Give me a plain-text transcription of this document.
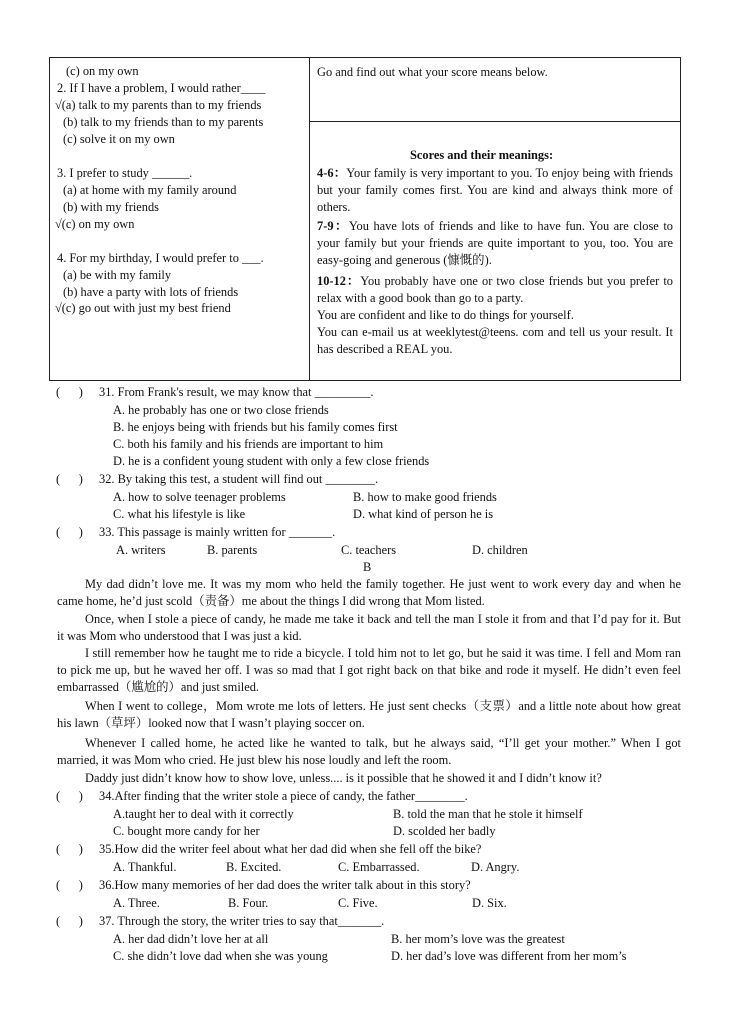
(c) on my own
2. If I have a problem, I would rather____
√(a) talk to my parents than to my friends
(b) talk to my friends than to my parents
(c) solve it on my own
3. I prefer to study ______.
(a) at home with my family around
(b) with my friends
√(c) on my own
4. For my birthday, I would prefer to ___.
(a) be with my family
(b) have a party with lots of friends
√(c) go out with just my best friend
Go and find out what your score means below.
Scores and their meanings:
4-6：Your family is very important to you. To enjoy being with friends but your family comes first. You are kind and always think more of others.
7-9：You have lots of friends and like to have fun. You are close to your family but your friends are quite important to you, too. You are easy-going and generous (慷慨的).
10-12：You probably have one or two close friends but you prefer to relax with a good book than go to a party.
You are confident and like to do things for yourself.
You can e-mail us at weeklytest@teens. com and tell us your result. It has described a REAL you.
(      ) 31. From Frank's result, we may know that _________.
A. he probably has one or two close friends
B. he enjoys being with friends but his family comes first
C. both his family and his friends are important to him
D. he is a confident young student with only a few close friends
(      ) 32. By taking this test, a student will find out ________.
A. how to solve teenager problems	B. how to make good friends
C. what his lifestyle is like	D. what kind of person he is
(      ) 33. This passage is mainly written for _______.
A. writers	B. parents	C. teachers	D. children
B
My dad didn’t love me. It was my mom who held the family together. He just went to work every day and when he came home, he’d just scold（责备）me about the things I did wrong that Mom listed.
Once, when I stole a piece of candy, he made me take it back and tell the man I stole it from and that I’d pay for it. But it was Mom who understood that I was just a kid.
I still remember how he taught me to ride a bicycle. I told him not to let go, but he said it was time. I fell and Mom ran to pick me up, but he waved her off. I was so mad that I got right back on that bike and rode it myself. He didn’t even feel embarrassed（尴尬的）and just smiled.
When I went to college，Mom wrote me lots of letters. He just sent checks（支票）and a little note about how great his lawn（草坪）looked now that I wasn’t playing soccer on.
Whenever I called home, he acted like he wanted to talk, but he always said, “I’ll get your mother.” When I got married, it was Mom who cried. He just blew his nose loudly and left the room.
Daddy just didn’t know how to show love, unless.... is it possible that he showed it and I didn’t know it?
(      ) 34.After finding that the writer stole a piece of candy, the father________.
A.taught her to deal with it correctly	B. told the man that he stole it himself
C. bought more candy for her	D. scolded her badly
(      ) 35.How did the writer feel about what her dad did when she fell off the bike?
A. Thankful.	B. Excited.	C. Embarrassed.	D. Angry.
(      ) 36.How many memories of her dad does the writer talk about in this story?
A. Three.	B. Four.	C. Five.	D. Six.
(      ) 37. Through the story, the writer tries to say that_______.
A. her dad didn’t love her at all	B. her mom’s love was the greatest
C. she didn’t love dad when she was young	D. her dad’s love was different from her mom’s
